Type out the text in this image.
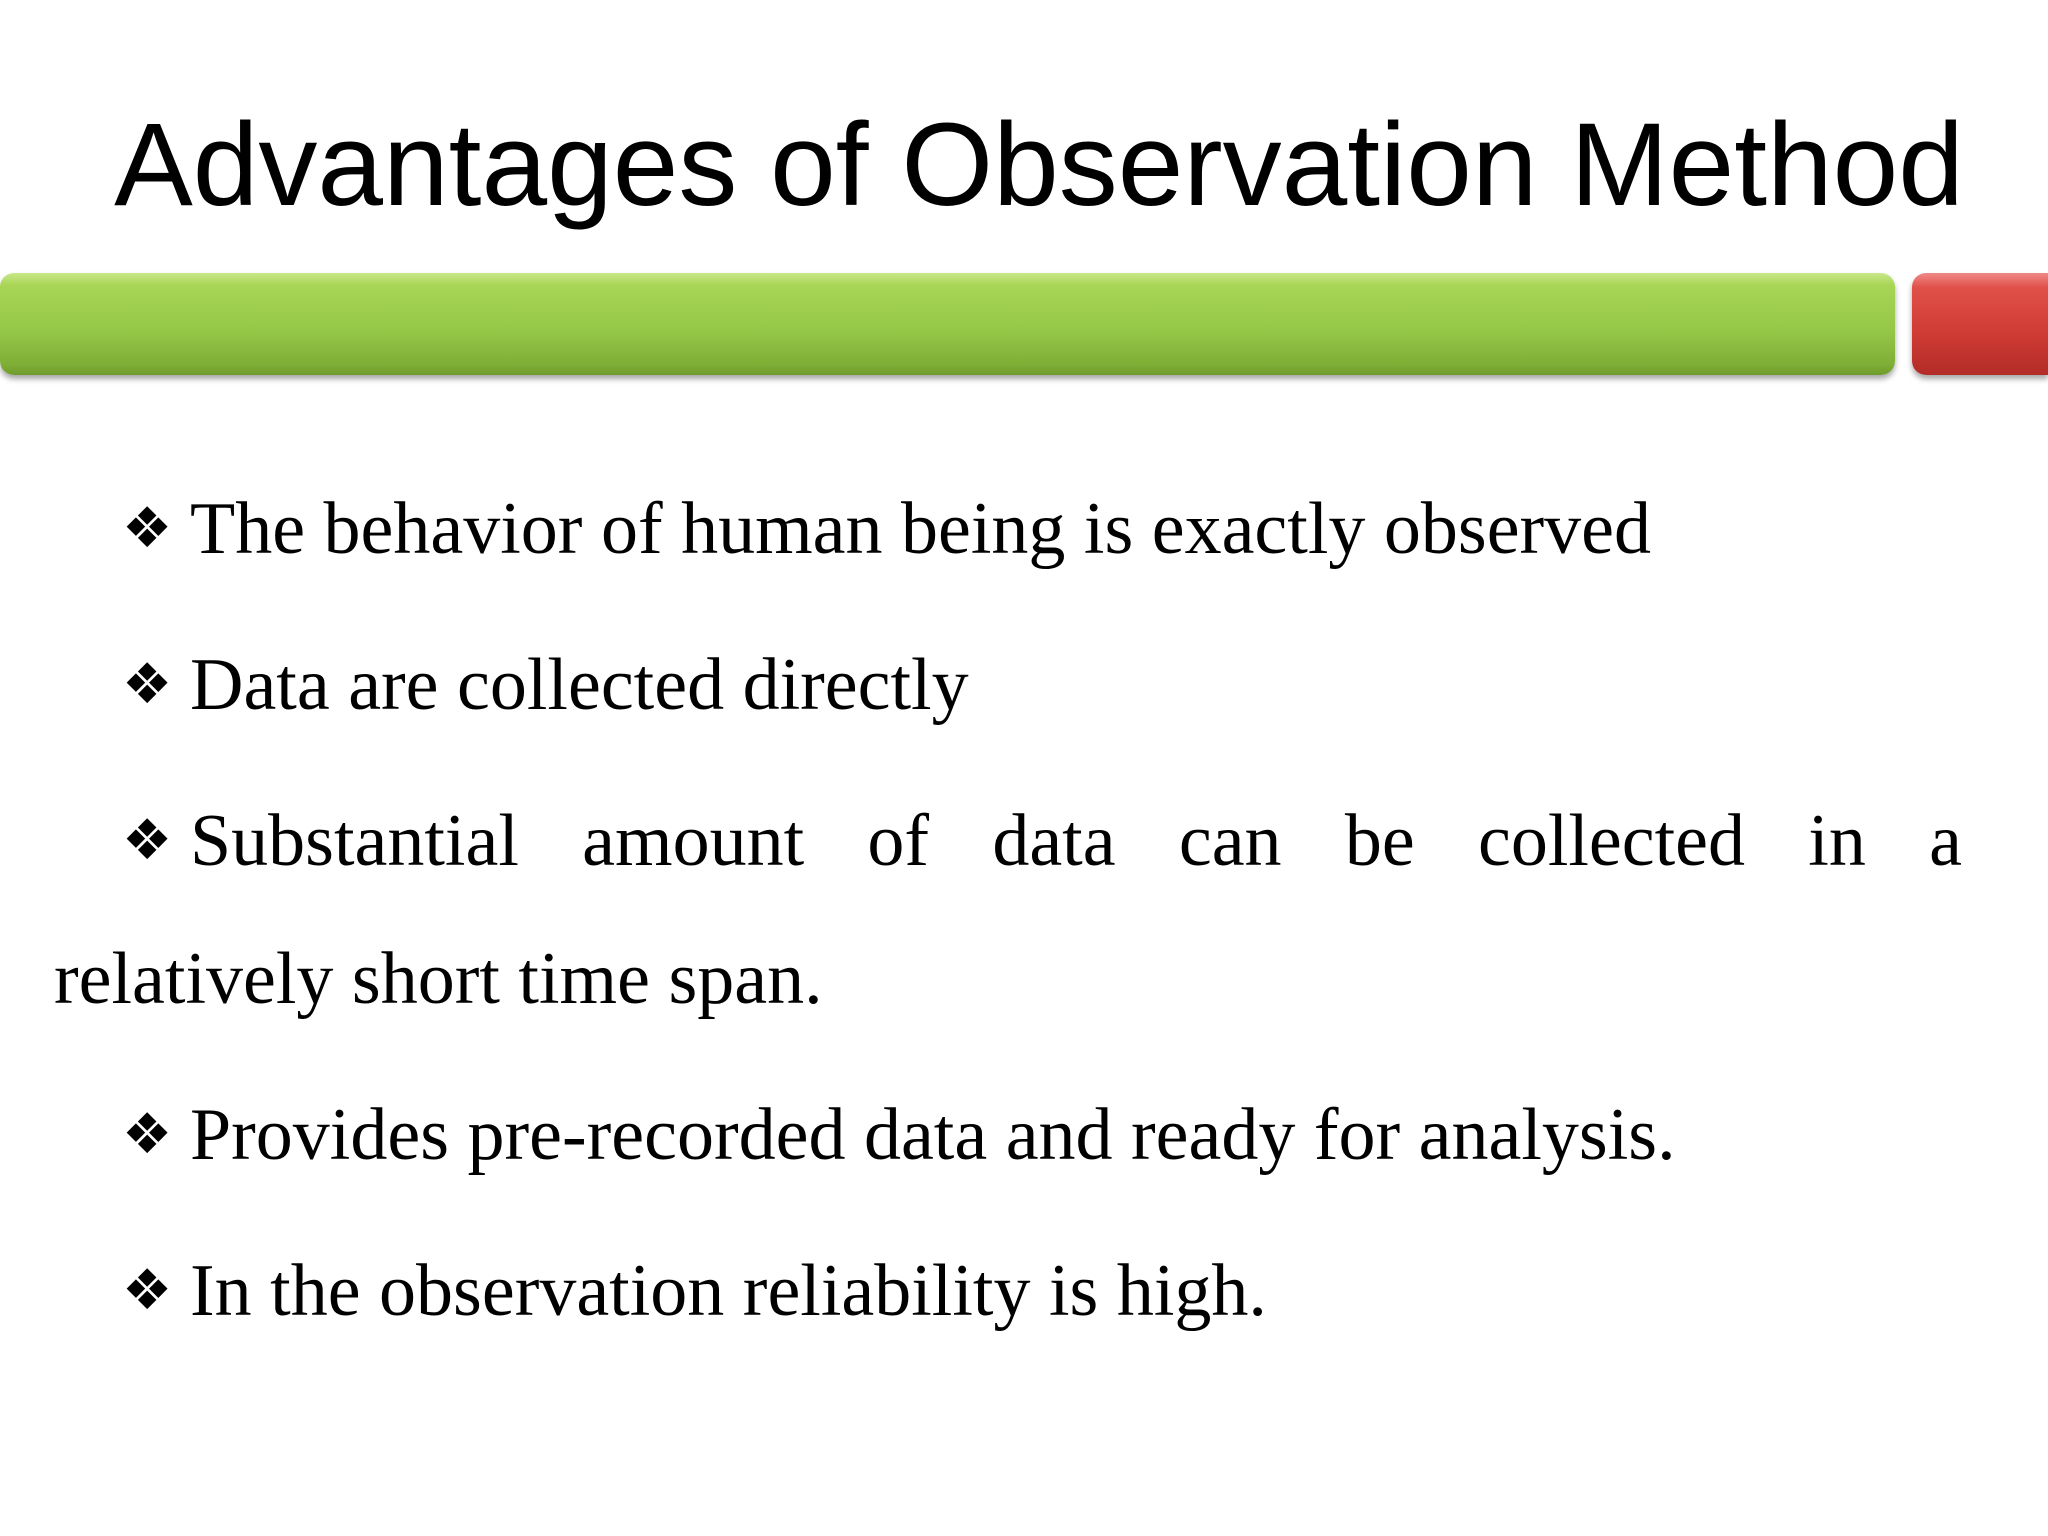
Advantages of Observation Method
❖ The behavior of human being is exactly observed
❖ Data are collected directly
❖ Substantial amount of data can be collected in a
relatively short time span.
❖ Provides pre-recorded data and ready for analysis.
❖ In the observation reliability is high.
